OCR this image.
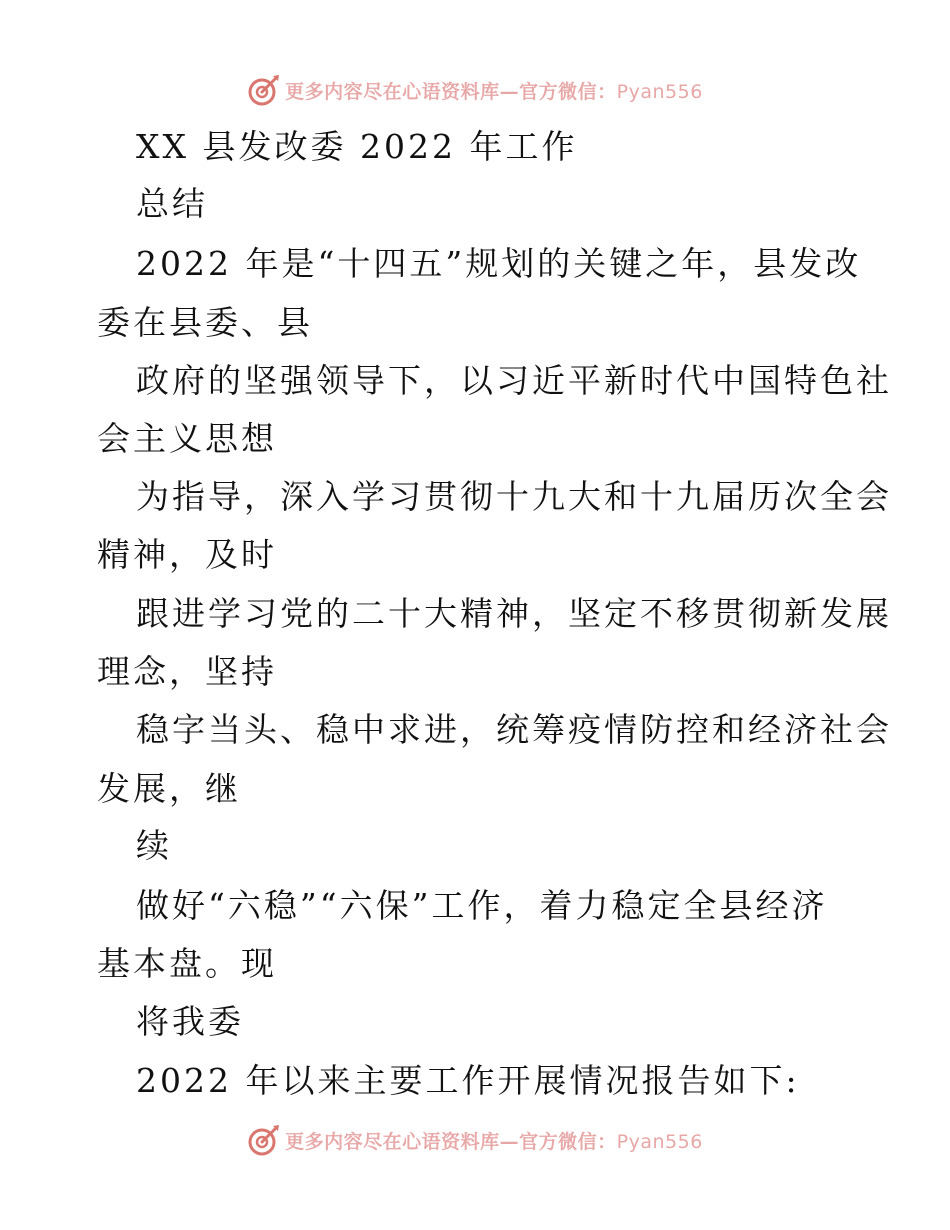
更多内容尽在心语资料库—官方微信：Pyan556
XX 县发改委 2022 年工作
总结
2022 年是“十四五”规划的关键之年，县发改
委在县委、县
政府的坚强领导下，以习近平新时代中国特色社
会主义思想
为指导，深入学习贯彻十九大和十九届历次全会
精神，及时
跟进学习党的二十大精神，坚定不移贯彻新发展
理念，坚持
稳字当头、稳中求进，统筹疫情防控和经济社会
发展，继
续
做好“六稳”“六保”工作，着力稳定全县经济
基本盘。现
将我委
2022 年以来主要工作开展情况报告如下:
更多内容尽在心语资料库—官方微信：Pyan556
